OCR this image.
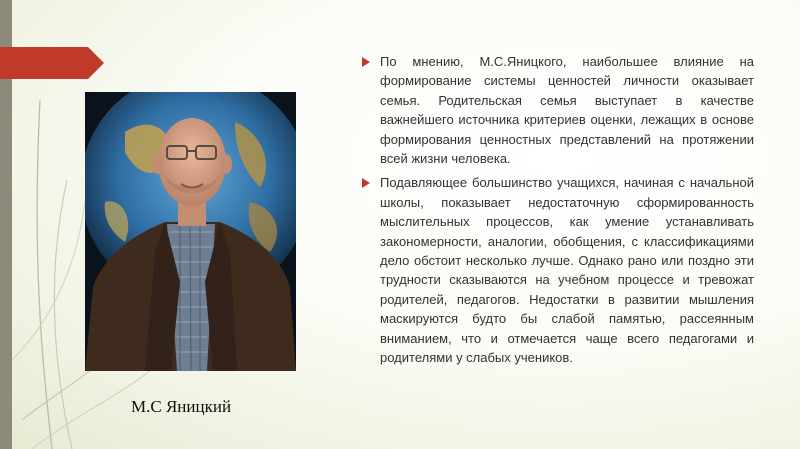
М.С Яницкий
По мнению, М.С.Яницкого, наибольшее влияние на формирование системы ценностей личности оказывает семья. Родительская семья выступает в качестве важнейшего источника критериев оценки, лежащих в основе формирования ценностных представлений на протяжении всей жизни человека.
Подавляющее большинство учащихся, начиная с начальной школы, показывает недостаточную сформированность мыслительных процессов, как умение устанавливать закономерности, аналогии, обобщения, с классификациями дело обстоит несколько лучше. Однако рано или поздно эти трудности сказываются на учебном процессе и тревожат родителей, педагогов. Недостатки в развитии мышления маскируются будто бы слабой памятью, рассеянным вниманием, что и отмечается чаще всего педагогами и родителями у слабых учеников.
